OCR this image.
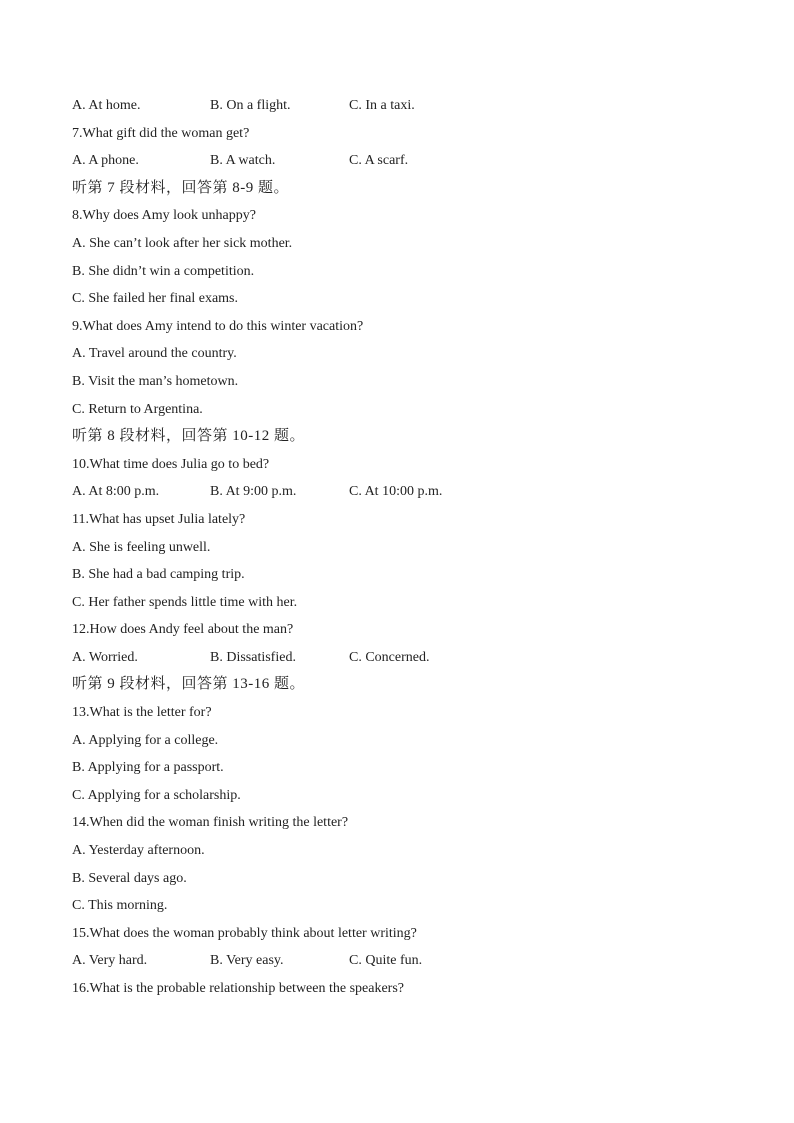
A. At home.	B. On a flight.	C. In a taxi.
7.What gift did the woman get?
A. A phone.	B. A watch.	C. A scarf.
听第 7 段材料，回答第 8-9 题。
8.Why does Amy look unhappy?
A. She can’t look after her sick mother.
B. She didn’t win a competition.
C. She failed her final exams.
9.What does Amy intend to do this winter vacation?
A. Travel around the country.
B. Visit the man’s hometown.
C. Return to Argentina.
听第 8 段材料，回答第 10-12 题。
10.What time does Julia go to bed?
A. At 8:00 p.m.	B. At 9:00 p.m.	C. At 10:00 p.m.
11.What has upset Julia lately?
A. She is feeling unwell.
B. She had a bad camping trip.
C. Her father spends little time with her.
12.How does Andy feel about the man?
A. Worried.	B. Dissatisfied.	C. Concerned.
听第 9 段材料，回答第 13-16 题。
13.What is the letter for?
A. Applying for a college.
B. Applying for a passport.
C. Applying for a scholarship.
14.When did the woman finish writing the letter?
A. Yesterday afternoon.
B. Several days ago.
C. This morning.
15.What does the woman probably think about letter writing?
A. Very hard.	B. Very easy.	C. Quite fun.
16.What is the probable relationship between the speakers?
